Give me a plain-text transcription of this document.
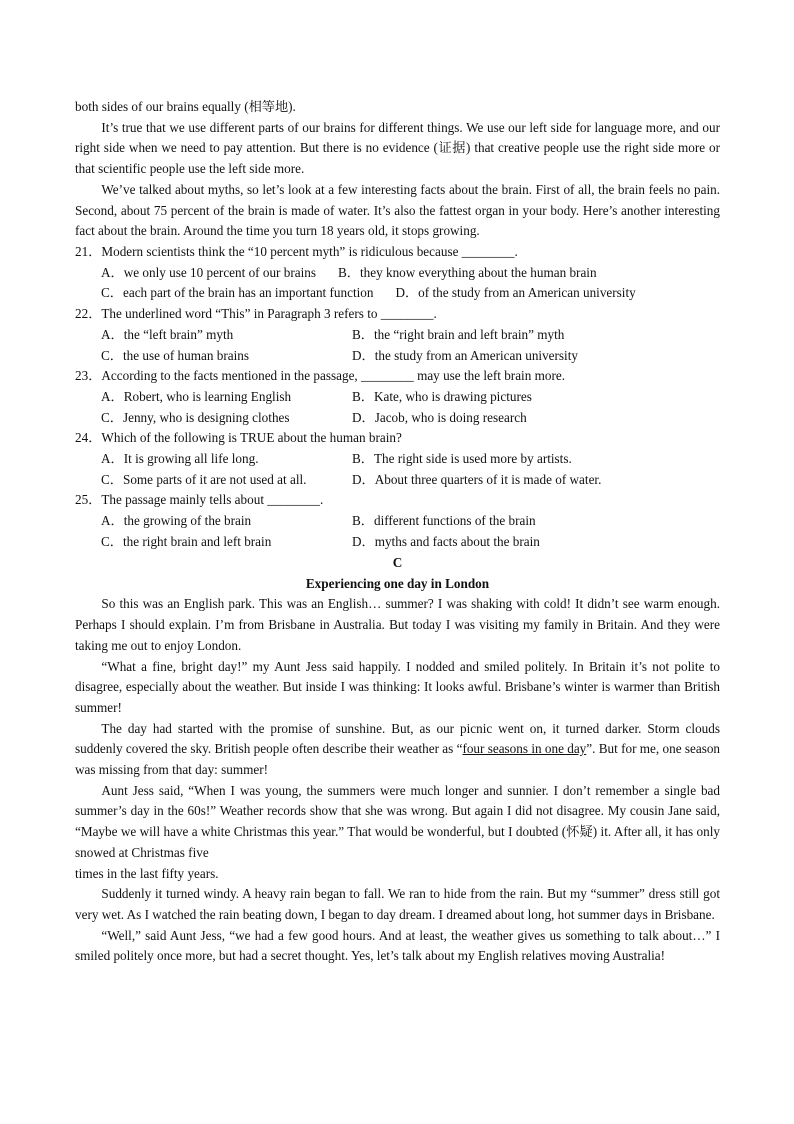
both sides of our brains equally (相等地).

It’s true that we use different parts of our brains for different things. We use our left side for language more, and our right side when we need to pay attention. But there is no evidence (证据) that creative people use the right side more or that scientific people use the left side more.

We’ve talked about myths, so let’s look at a few interesting facts about the brain. First of all, the brain feels no pain. Second, about 75 percent of the brain is made of water. It’s also the fattest organ in your body. Here’s another interesting fact about the brain. Around the time you turn 18 years old, it stops growing.

21．Modern scientists think the “10 percent myth” is ridiculous because ________.

A．we only use 10 percent of our brains B．they know everything about the human brain
C．each part of the brain has an important function D．of the study from an American university

22．The underlined word “This” in Paragraph 3 refers to ________.

A．the “left brain” myth	B．the “right brain and left brain” myth
C．the use of human brains	D．the study from an American university

23．According to the facts mentioned in the passage, ________ may use the left brain more.

A．Robert, who is learning English	B．Kate, who is drawing pictures
C．Jenny, who is designing clothes	D．Jacob, who is doing research

24．Which of the following is TRUE about the human brain?

A．It is growing all life long.	B．The right side is used more by artists.
C．Some parts of it are not used at all.	D．About three quarters of it is made of water.

25．The passage mainly tells about ________.

A．the growing of the brain	B．different functions of the brain
C．the right brain and left brain	D．myths and facts about the brain

C

Experiencing one day in London

So this was an English park. This was an English… summer? I was shaking with cold! It didn’t see warm enough. Perhaps I should explain. I’m from Brisbane in Australia. But today I was visiting my family in Britain. And they were taking me out to enjoy London.

“What a fine, bright day!” my Aunt Jess said happily. I nodded and smiled politely. In Britain it’s not polite to disagree, especially about the weather. But inside I was thinking: It looks awful. Brisbane’s winter is warmer than British summer!

The day had started with the promise of sunshine. But, as our picnic went on, it turned darker. Storm clouds suddenly covered the sky. British people often describe their weather as “four seasons in one day”. But for me, one season was missing from that day: summer!

Aunt Jess said, “When I was young, the summers were much longer and sunnier. I don’t remember a single bad summer’s day in the 60s!” Weather records show that she was wrong. But again I did not disagree. My cousin Jane said, “Maybe we will have a white Christmas this year.” That would be wonderful, but I doubted (怀疑) it. After all, it has only snowed at Christmas five

times in the last fifty years.

Suddenly it turned windy. A heavy rain began to fall. We ran to hide from the rain. But my “summer” dress still got very wet. As I watched the rain beating down, I began to day dream. I dreamed about long, hot summer days in Brisbane.

“Well,” said Aunt Jess, “we had a few good hours. And at least, the weather gives us something to talk about…” I smiled politely once more, but had a secret thought. Yes, let’s talk about my English relatives moving Australia!
